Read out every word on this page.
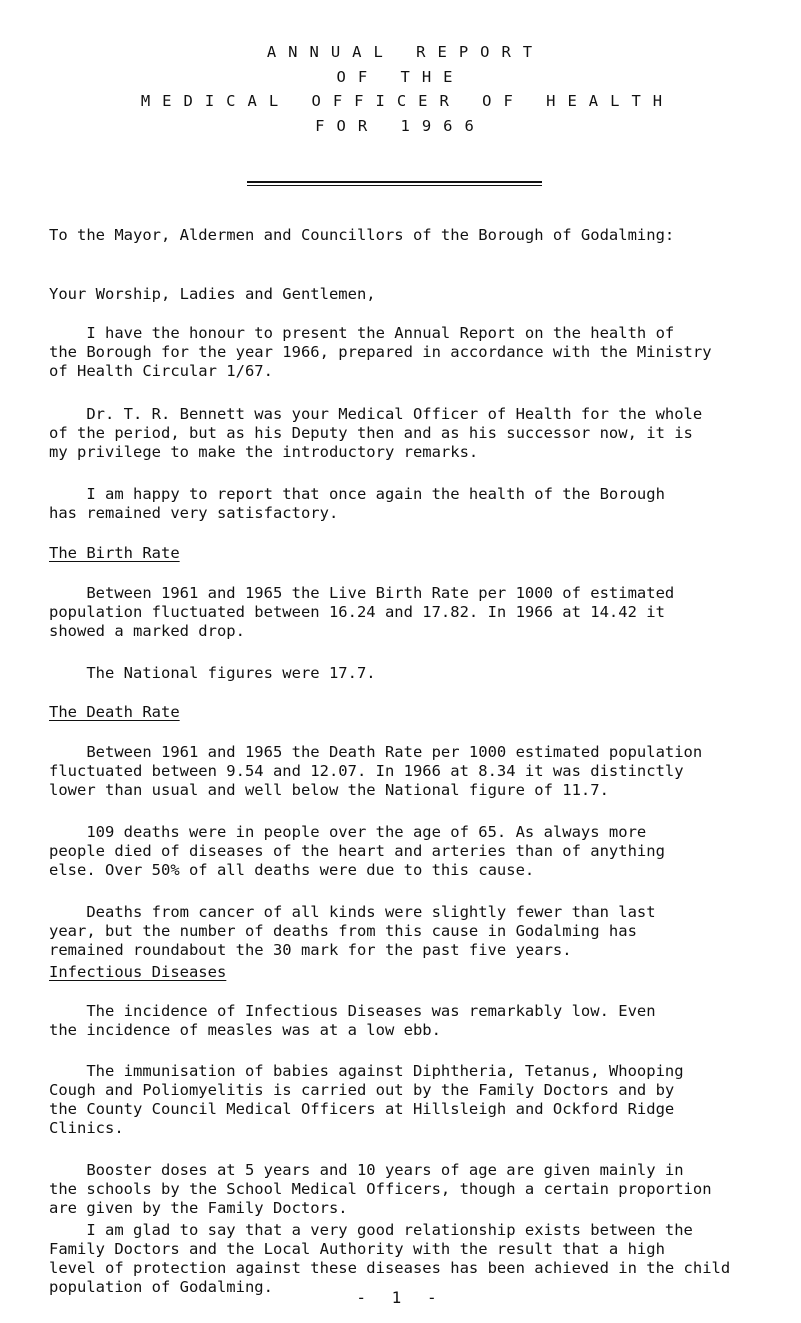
ANNUAL REPORT
OF THE
MEDICAL OFFICER OF HEALTH
FOR 1966
To the Mayor, Aldermen and Councillors of the Borough of Godalming:
Your Worship, Ladies and Gentlemen,
I have the honour to present the Annual Report on the health of
the Borough for the year 1966, prepared in accordance with the Ministry
of Health Circular 1/67.
Dr. T. R. Bennett was your Medical Officer of Health for the whole
of the period, but as his Deputy then and as his successor now, it is
my privilege to make the introductory remarks.
I am happy to report that once again the health of the Borough
has remained very satisfactory.
The Birth Rate
Between 1961 and 1965 the Live Birth Rate per 1000 of estimated
population fluctuated between 16.24 and 17.82. In 1966 at 14.42 it
showed a marked drop.
The National figures were 17.7.
The Death Rate
Between 1961 and 1965 the Death Rate per 1000 estimated population
fluctuated between 9.54 and 12.07. In 1966 at 8.34 it was distinctly
lower than usual and well below the National figure of 11.7.
109 deaths were in people over the age of 65. As always more
people died of diseases of the heart and arteries than of anything
else. Over 50% of all deaths were due to this cause.
Deaths from cancer of all kinds were slightly fewer than last
year, but the number of deaths from this cause in Godalming has
remained roundabout the 30 mark for the past five years.
Infectious Diseases
The incidence of Infectious Diseases was remarkably low. Even
the incidence of measles was at a low ebb.
The immunisation of babies against Diphtheria, Tetanus, Whooping
Cough and Poliomyelitis is carried out by the Family Doctors and by
the County Council Medical Officers at Hillsleigh and Ockford Ridge
Clinics.
Booster doses at 5 years and 10 years of age are given mainly in
the schools by the School Medical Officers, though a certain proportion
are given by the Family Doctors.
I am glad to say that a very good relationship exists between the
Family Doctors and the Local Authority with the result that a high
level of protection against these diseases has been achieved in the child
population of Godalming.
- 1 -
